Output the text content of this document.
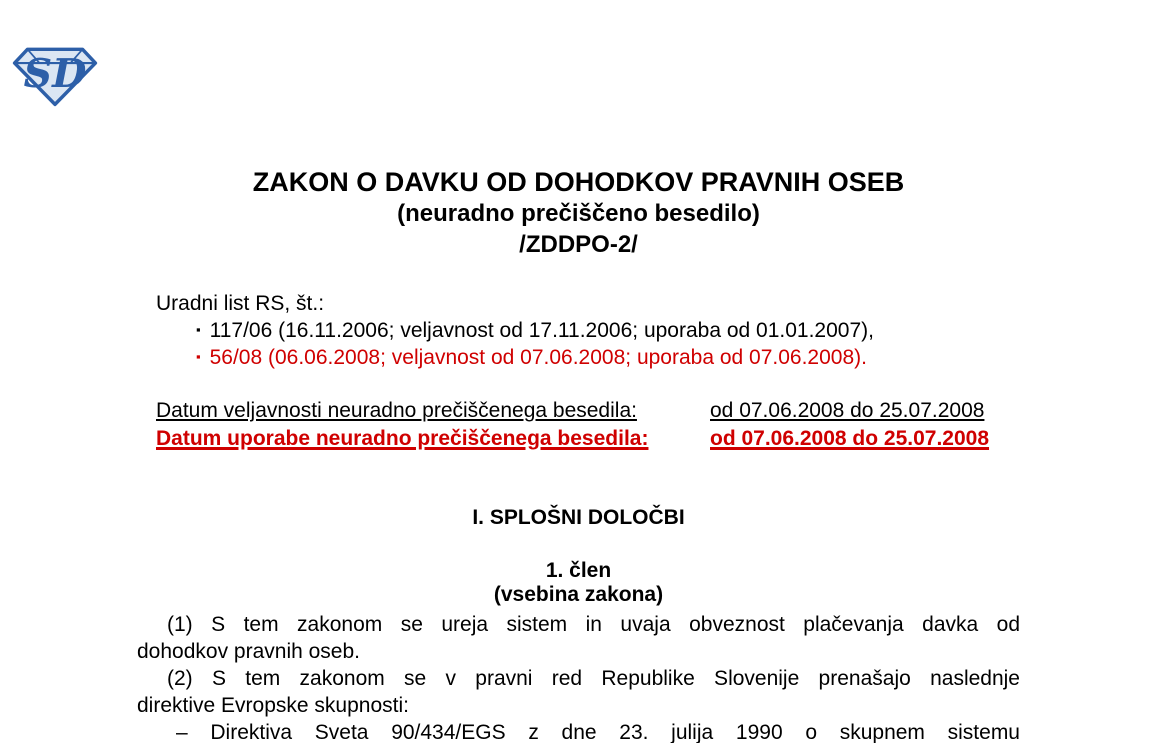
SD
ZAKON O DAVKU OD DOHODKOV PRAVNIH OSEB
(neuradno prečiščeno besedilo)
/ZDDPO-2/
Uradni list RS, št.:
▪ 117/06 (16.11.2006; veljavnost od 17.11.2006; uporaba od 01.01.2007),
▪ 56/08 (06.06.2008; veljavnost od 07.06.2008; uporaba od 07.06.2008).
Datum veljavnosti neuradno prečiščenega besedila:	od 07.06.2008 do 25.07.2008
Datum uporabe neuradno prečiščenega besedila:	od 07.06.2008 do 25.07.2008
I. SPLOŠNI DOLOČBI
1. člen
(vsebina zakona)
(1) S tem zakonom se ureja sistem in uvaja obveznost plačevanja davka od
dohodkov pravnih oseb.
(2) S tem zakonom se v pravni red Republike Slovenije prenašajo naslednje
direktive Evropske skupnosti:
– Direktiva Sveta 90/434/EGS z dne 23. julija 1990 o skupnem sistemu
